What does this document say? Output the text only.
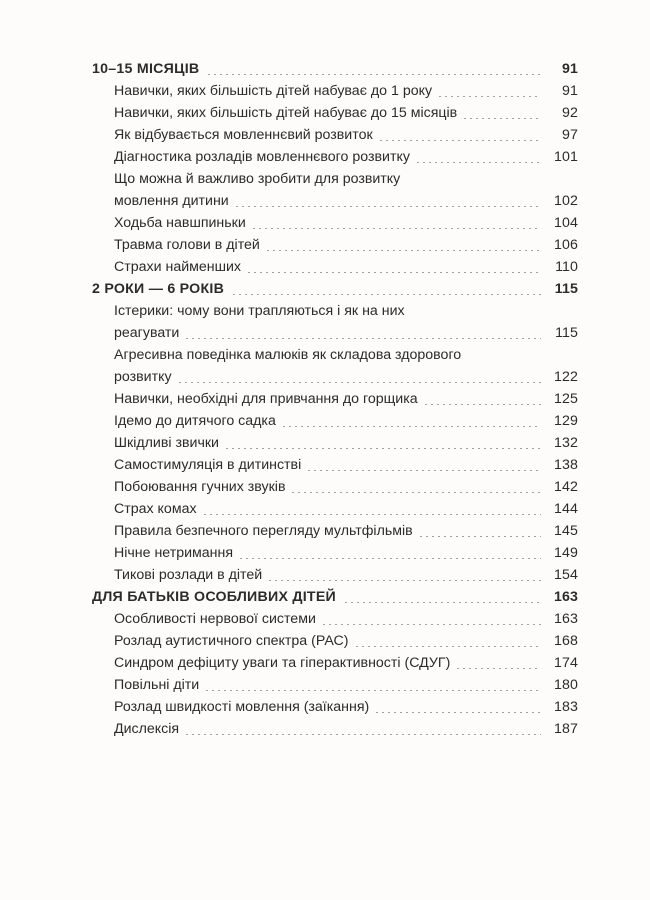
10–15 МІСЯЦІВ	91
Навички, яких більшість дітей набуває до 1 року	91
Навички, яких більшість дітей набуває до 15 місяців	92
Як відбувається мовленнєвий розвиток	97
Діагностика розладів мовленнєвого розвитку	101
Що можна й важливо зробити для розвитку
мовлення дитини	102
Ходьба навшпиньки	104
Травма голови в дітей	106
Страхи найменших	110
2 РОКИ — 6 РОКІВ	115
Істерики: чому вони трапляються і як на них
реагувати	115
Агресивна поведінка малюків як складова здорового
розвитку	122
Навички, необхідні для привчання до горщика	125
Ідемо до дитячого садка	129
Шкідливі звички	132
Самостимуляція в дитинстві	138
Побоювання гучних звуків	142
Страх комах	144
Правила безпечного перегляду мультфільмів	145
Нічне нетримання	149
Тикові розлади в дітей	154
ДЛЯ БАТЬКІВ ОСОБЛИВИХ ДІТЕЙ	163
Особливості нервової системи	163
Розлад аутистичного спектра (РАС)	168
Синдром дефіциту уваги та гіперактивності (СДУГ)	174
Повільні діти	180
Розлад швидкості мовлення (заїкання)	183
Дислексія	187
